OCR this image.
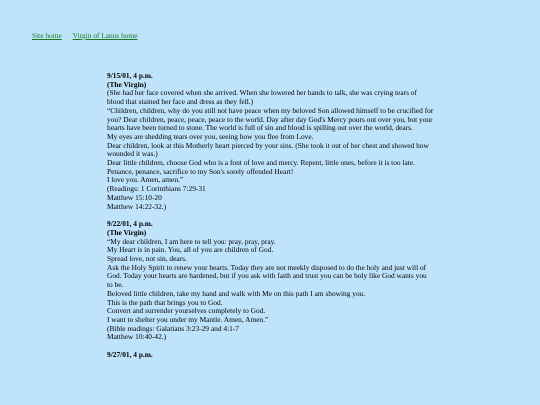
Site home Virgin of Lanus home
9/15/01, 4 p.m.
(The Virgin)
(She had her face covered when she arrived. When she lowered her hands to talk, she was crying tears of blood that stained her face and dress as they fell.)
“Children, children, why do you still not have peace when my beloved Son allowed himself to be crucified for you? Dear children, peace, peace, peace to the world. Day after day God's Mercy pours out over you, but your hearts have been turned to stone. The world is full of sin and blood is spilling out over the world, dears.
My eyes are shedding tears over you, seeing how you flee from Love.
Dear children, look at this Motherly heart pierced by your sins. (She took it out of her chest and showed how wounded it was.)
Dear little children, choose God who is a font of love and mercy. Repent, little ones, before it is too late.
Penance, penance, sacrifice to my Son's sorely offended Heart!
I love you. Amen, amen.”
(Readings: 1 Corinthians 7:29-31
Matthew 15:10-20
Matthew 14:22-32.)
9/22/01, 4 p.m.
(The Virgin)
“My dear children, I am here to tell you: pray, pray, pray.
My Heart is in pain. You, all of you are children of God.
Spread love, not sin, dears.
Ask the Holy Spirit to renew your hearts. Today they are not meekly disposed to do the holy and just will of God. Today your hearts are hardened, but if you ask with faith and trust you can be holy like God wants you to be.
Beloved little children, take my hand and walk with Me on this path I am showing you.
This is the path that brings you to God.
Convert and surrender yourselves completely to God.
I want to shelter you under my Mantle. Amen, Amen.”
(Bible readings: Galatians 3:23-29 and 4:1-7
Matthew 10:40-42.)
9/27/01, 4 p.m.
